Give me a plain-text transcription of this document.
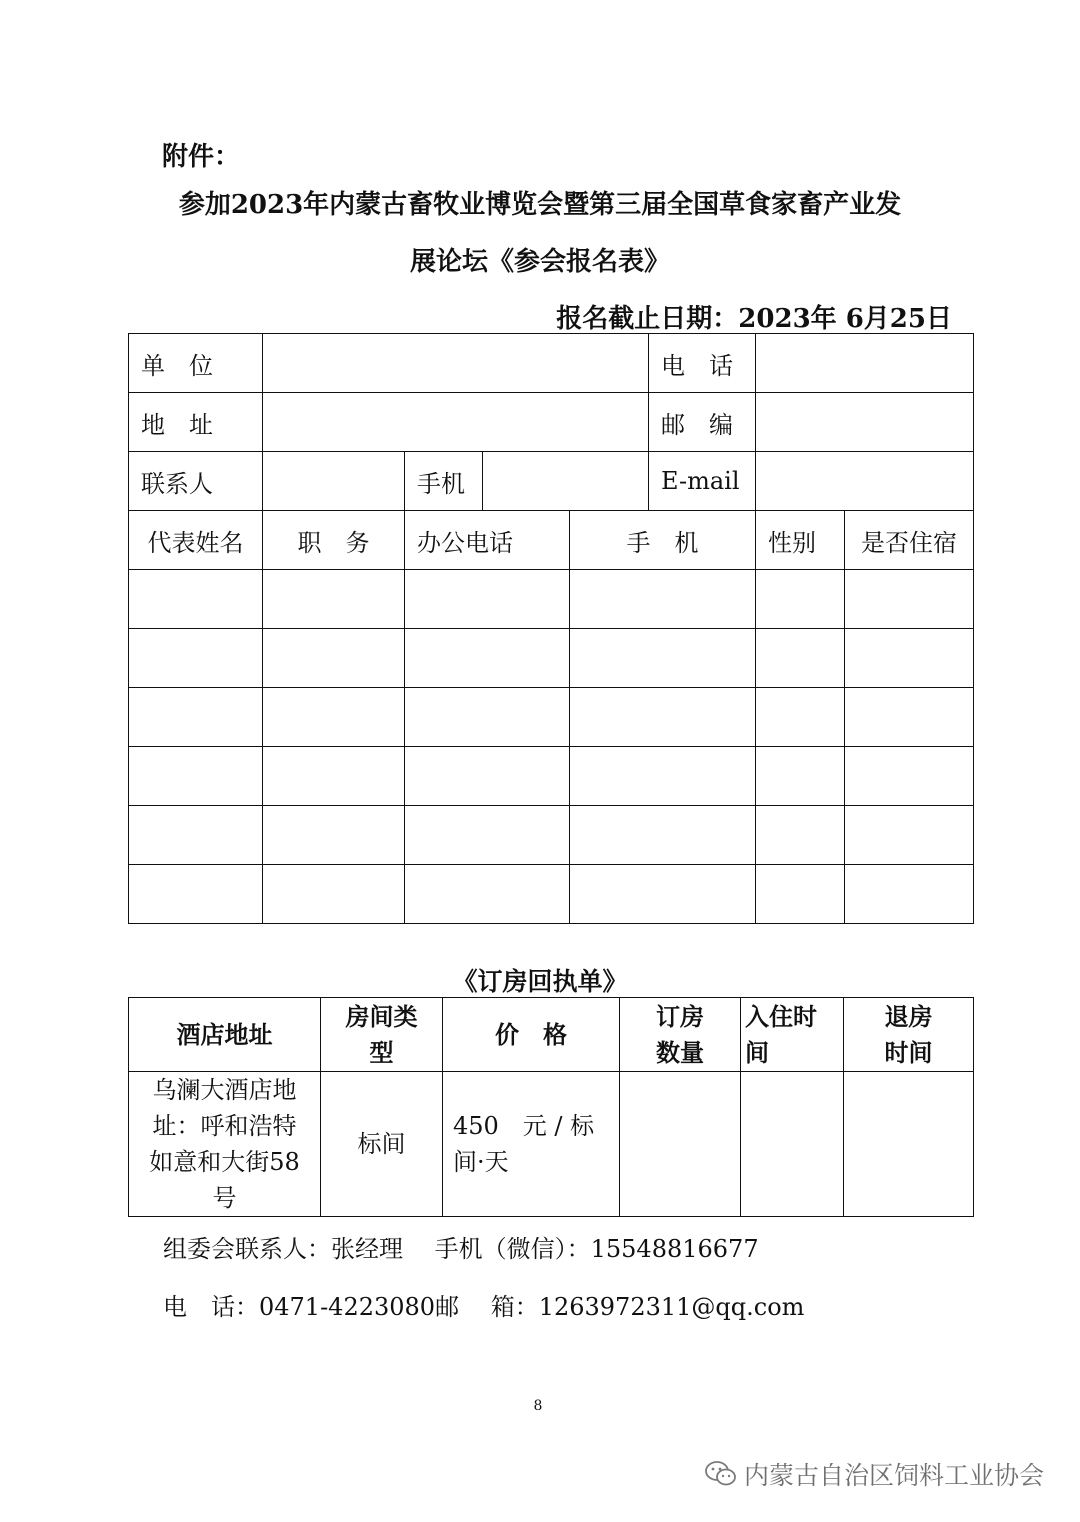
附件：
参加2023年内蒙古畜牧业博览会暨第三届全国草食家畜产业发
展论坛《参会报名表》
报名截止日期：2023年 6月25日
单　位					电　话		
地　址					邮　编		
联系人		手机			E-mail		
代表姓名	职　务	办公电话		手　机		性别	是否住宿

《订房回执单》
酒店地址	房间类型	价　格	订房数量	入住时间	退房时间
乌澜大酒店地址：呼和浩特如意和大街58号	标间	450　元 / 标间·天			
组委会联系人：张经理　 手机（微信）：15548816677
电　话：0471-4223080邮　 箱：1263972311@qq.com
8
内蒙古自治区饲料工业协会
